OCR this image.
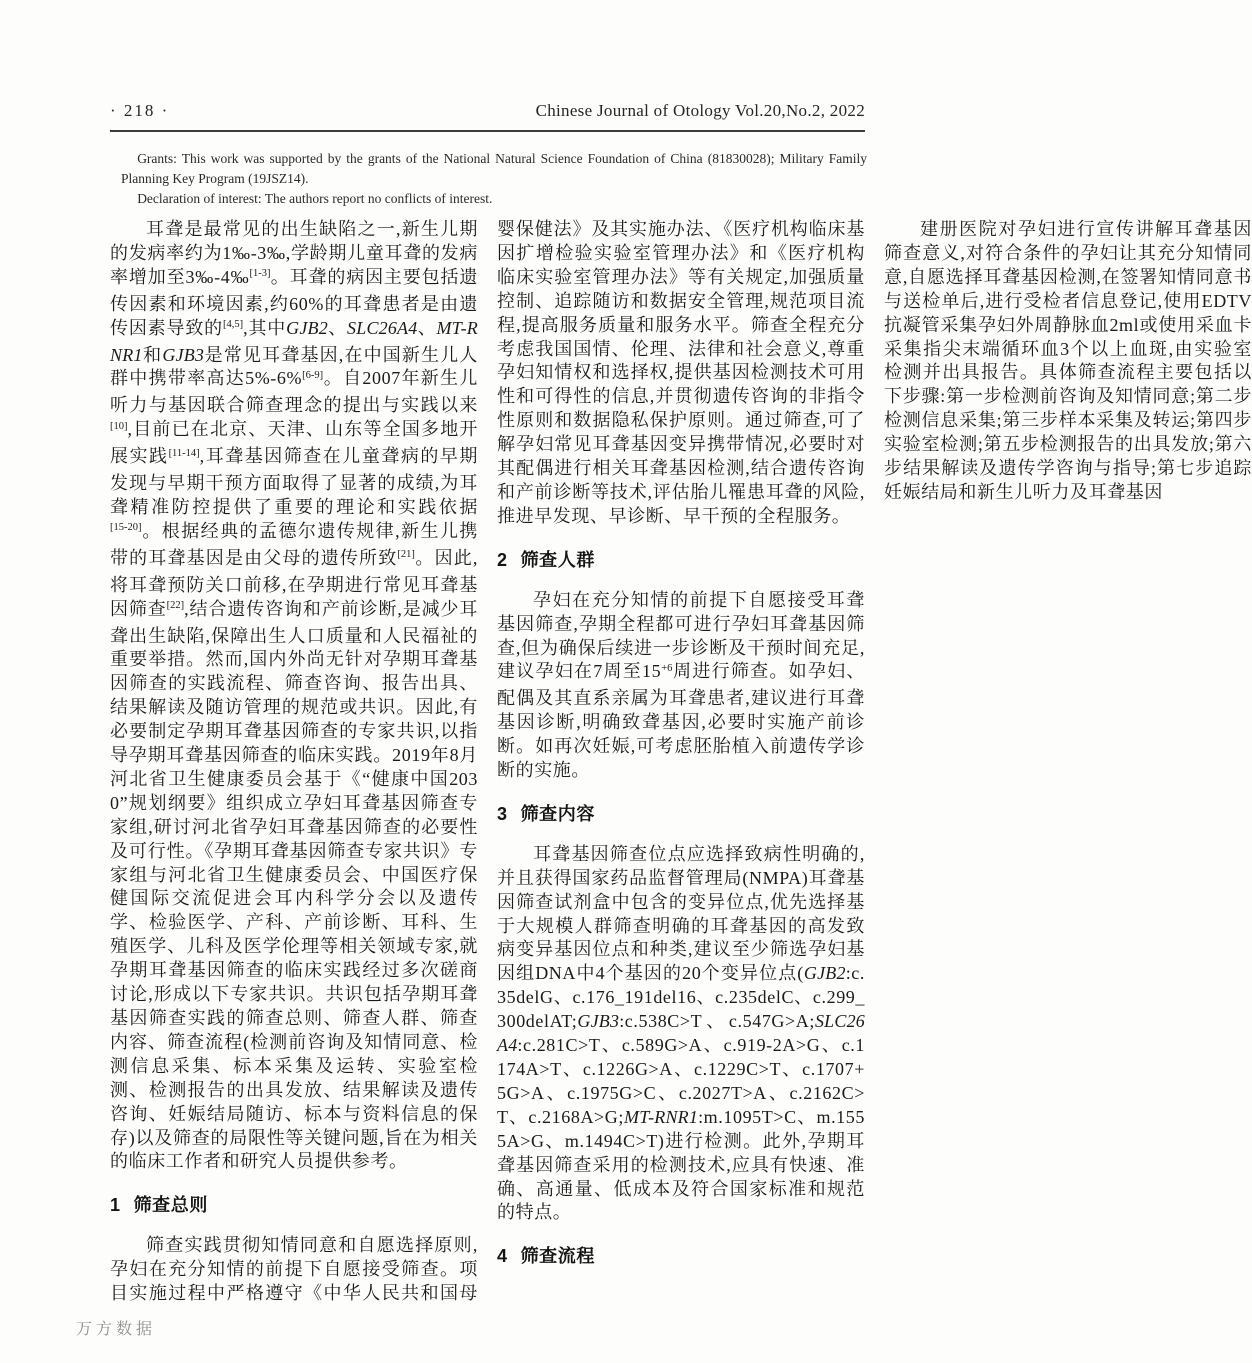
· 218 ·	Chinese Journal of Otology Vol.20,No.2, 2022

Grants: This work was supported by the grants of the National Natural Science Foundation of China (81830028); Military Family Planning Key Program (19JSZ14).

Declaration of interest: The authors report no conflicts of interest.

耳聋是最常见的出生缺陷之一,新生儿期的发病率约为1‰-3‰,学龄期儿童耳聋的发病率增加至3‰-4‰[1-3]。耳聋的病因主要包括遗传因素和环境因素,约60%的耳聋患者是由遗传因素导致的[4,5],其中GJB2、SLC26A4、MT-RNR1和GJB3是常见耳聋基因,在中国新生儿人群中携带率高达5%-6%[6-9]。自2007年新生儿听力与基因联合筛查理念的提出与实践以来[10],目前已在北京、天津、山东等全国多地开展实践[11-14],耳聋基因筛查在儿童聋病的早期发现与早期干预方面取得了显著的成绩,为耳聋精准防控提供了重要的理论和实践依据[15-20]。根据经典的孟德尔遗传规律,新生儿携带的耳聋基因是由父母的遗传所致[21]。因此,将耳聋预防关口前移,在孕期进行常见耳聋基因筛查[22],结合遗传咨询和产前诊断,是减少耳聋出生缺陷,保障出生人口质量和人民福祉的重要举措。然而,国内外尚无针对孕期耳聋基因筛查的实践流程、筛查咨询、报告出具、结果解读及随访管理的规范或共识。因此,有必要制定孕期耳聋基因筛查的专家共识,以指导孕期耳聋基因筛查的临床实践。2019年8月河北省卫生健康委员会基于《“健康中国2030”规划纲要》组织成立孕妇耳聋基因筛查专家组,研讨河北省孕妇耳聋基因筛查的必要性及可行性。《孕期耳聋基因筛查专家共识》专家组与河北省卫生健康委员会、中国医疗保健国际交流促进会耳内科学分会以及遗传学、检验医学、产科、产前诊断、耳科、生殖医学、儿科及医学伦理等相关领域专家,就孕期耳聋基因筛查的临床实践经过多次磋商讨论,形成以下专家共识。共识包括孕期耳聋基因筛查实践的筛查总则、筛查人群、筛查内容、筛查流程(检测前咨询及知情同意、检测信息采集、标本采集及运转、实验室检测、检测报告的出具发放、结果解读及遗传咨询、妊娠结局随访、标本与资料信息的保存)以及筛查的局限性等关键问题,旨在为相关的临床工作者和研究人员提供参考。

1 筛查总则

筛查实践贯彻知情同意和自愿选择原则,孕妇在充分知情的前提下自愿接受筛查。项目实施过程中严格遵守《中华人民共和国母婴保健法》及其实施办法、《医疗机构临床基因扩增检验实验室管理办法》和《医疗机构临床实验室管理办法》等有关规定,加强质量控制、追踪随访和数据安全管理,规范项目流程,提高服务质量和服务水平。筛查全程充分考虑我国国情、伦理、法律和社会意义,尊重孕妇知情权和选择权,提供基因检测技术可用性和可得性的信息,并贯彻遗传咨询的非指令性原则和数据隐私保护原则。通过筛查,可了解孕妇常见耳聋基因变异携带情况,必要时对其配偶进行相关耳聋基因检测,结合遗传咨询和产前诊断等技术,评估胎儿罹患耳聋的风险,推进早发现、早诊断、早干预的全程服务。

2 筛查人群

孕妇在充分知情的前提下自愿接受耳聋基因筛查,孕期全程都可进行孕妇耳聋基因筛查,但为确保后续进一步诊断及干预时间充足,建议孕妇在7周至$15^{+6}$周进行筛查。如孕妇、配偶及其直系亲属为耳聋患者,建议进行耳聋基因诊断,明确致聋基因,必要时实施产前诊断。如再次妊娠,可考虑胚胎植入前遗传学诊断的实施。

3 筛查内容

耳聋基因筛查位点应选择致病性明确的,并且获得国家药品监督管理局(NMPA)耳聋基因筛查试剂盒中包含的变异位点,优先选择基于大规模人群筛查明确的耳聋基因的高发致病变异基因位点和种类,建议至少筛选孕妇基因组DNA中4个基因的20个变异位点(GJB2:c.35delG、c.176_191del16、c.235delC、c.299_300delAT;GJB3:c.538C>T、c.547G>A;SLC26A4:c.281C>T、c.589G>A、c.919-2A>G、c.1174A>T、c.1226G>A、c.1229C>T、c.1707+5G>A、c.1975G>C、c.2027T>A、c.2162C>T、c.2168A>G;MT-RNR1:m.1095T>C、m.1555A>G、m.1494C>T)进行检测。此外,孕期耳聋基因筛查采用的检测技术,应具有快速、准确、高通量、低成本及符合国家标准和规范的特点。

4 筛查流程

建册医院对孕妇进行宣传讲解耳聋基因筛查意义,对符合条件的孕妇让其充分知情同意,自愿选择耳聋基因检测,在签署知情同意书与送检单后,进行受检者信息登记,使用EDTV抗凝管采集孕妇外周静脉血2ml或使用采血卡采集指尖末端循环血3个以上血斑,由实验室检测并出具报告。具体筛查流程主要包括以下步骤:第一步检测前咨询及知情同意;第二步检测信息采集;第三步样本采集及转运;第四步实验室检测;第五步检测报告的出具发放;第六步结果解读及遗传学咨询与指导;第七步追踪妊娠结局和新生儿听力及耳聋基因

万方数据
